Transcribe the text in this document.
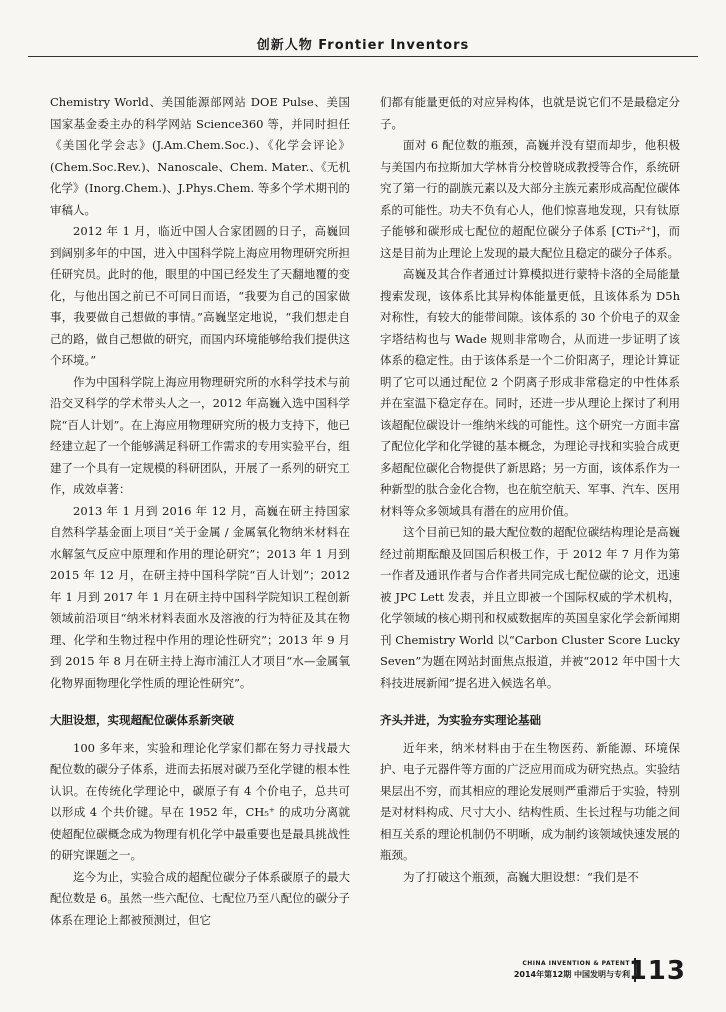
创新人物 Frontier Inventors

Chemistry World、美国能源部网站 DOE Pulse、美国国家基金委主办的科学网站 Science360 等，并同时担任《美国化学会志》(J.Am.Chem.Soc.)、《化学会评论》(Chem.Soc.Rev.)、Nanoscale、Chem. Mater.、《无机化学》(Inorg.Chem.)、J.Phys.Chem. 等多个学术期刊的审稿人。

2012 年 1 月，临近中国人合家团圆的日子，高巍回到阔别多年的中国，进入中国科学院上海应用物理研究所担任研究员。此时的他，眼里的中国已经发生了天翻地覆的变化，与他出国之前已不可同日而语，“我要为自己的国家做事，我要做自己想做的事情。”高巍坚定地说，“我们想走自己的路，做自己想做的研究，而国内环境能够给我们提供这个环境。”

作为中国科学院上海应用物理研究所的水科学技术与前沿交叉科学的学术带头人之一，2012 年高巍入选中国科学院“百人计划”。在上海应用物理研究所的极力支持下，他已经建立起了一个能够满足科研工作需求的专用实验平台，组建了一个具有一定规模的科研团队，开展了一系列的研究工作，成效卓著：

2013 年 1 月到 2016 年 12 月，高巍在研主持国家自然科学基金面上项目“关于金属 / 金属氧化物纳米材料在水解氢气反应中原理和作用的理论研究”；2013 年 1 月到 2015 年 12 月，在研主持中国科学院“百人计划”；2012 年 1 月到 2017 年 1 月在研主持中国科学院知识工程创新领域前沿项目“纳米材料表面水及溶液的行为特征及其在物理、化学和生物过程中作用的理论性研究”；2013 年 9 月到 2015 年 8 月在研主持上海市浦江人才项目“水—金属氧化物界面物理化学性质的理论性研究”。

大胆设想，实现超配位碳体系新突破

100 多年来，实验和理论化学家们都在努力寻找最大配位数的碳分子体系，进而去拓展对碳乃至化学键的根本性认识。在传统化学理论中，碳原子有 4 个价电子，总共可以形成 4 个共价键。早在 1952 年，CH₅⁺ 的成功分离就使超配位碳概念成为物理有机化学中最重要也是最具挑战性的研究课题之一。

迄今为止，实验合成的超配位碳分子体系碳原子的最大配位数是 6。虽然一些六配位、七配位乃至八配位的碳分子体系在理论上都被预测过，但它

们都有能量更低的对应异构体，也就是说它们不是最稳定分子。

面对 6 配位数的瓶颈，高巍并没有望而却步，他积极与美国内布拉斯加大学林肯分校曾晓成教授等合作，系统研究了第一行的副族元素以及大部分主族元素形成高配位碳体系的可能性。功夫不负有心人，他们惊喜地发现，只有钛原子能够和碳形成七配位的超配位碳分子体系 [CTi₇²⁺]，而这是目前为止理论上发现的最大配位且稳定的碳分子体系。

高巍及其合作者通过计算模拟进行蒙特卡洛的全局能量搜索发现，该体系比其异构体能量更低，且该体系为 D5h 对称性，有较大的能带间隙。该体系的 30 个价电子的双金字塔结构也与 Wade 规则非常吻合，从而进一步证明了该体系的稳定性。由于该体系是一个二价阳离子，理论计算证明了它可以通过配位 2 个阴离子形成非常稳定的中性体系并在室温下稳定存在。同时，还进一步从理论上探讨了利用该超配位碳设计一维纳米线的可能性。这个研究一方面丰富了配位化学和化学键的基本概念，为理论寻找和实验合成更多超配位碳化合物提供了新思路；另一方面，该体系作为一种新型的肽合金化合物，也在航空航天、军事、汽车、医用材料等众多领域具有潜在的应用价值。

这个目前已知的最大配位数的超配位碳结构理论是高巍经过前期酝酿及回国后积极工作，于 2012 年 7 月作为第一作者及通讯作者与合作者共同完成七配位碳的论文，迅速被 JPC Lett 发表，并且立即被一个国际权威的学术机构，化学领域的核心期刊和权威数据库的英国皇家化学会新闻期刊 Chemistry World 以“Carbon Cluster Score Lucky Seven”为题在网站封面焦点报道，并被“2012 年中国十大科技进展新闻”提名进入候选名单。

齐头并进，为实验夯实理论基础

近年来，纳米材料由于在生物医药、新能源、环境保护、电子元器件等方面的广泛应用而成为研究热点。实验结果层出不穷，而其相应的理论发展则严重滞后于实验，特别是对材料构成、尺寸大小、结构性质、生长过程与功能之间相互关系的理论机制仍不明晰，成为制约该领域快速发展的瓶颈。

为了打破这个瓶颈，高巍大胆设想：“我们是不

CHINA INVENTION & PATENT
2014年第12期 中国发明与专利
113
